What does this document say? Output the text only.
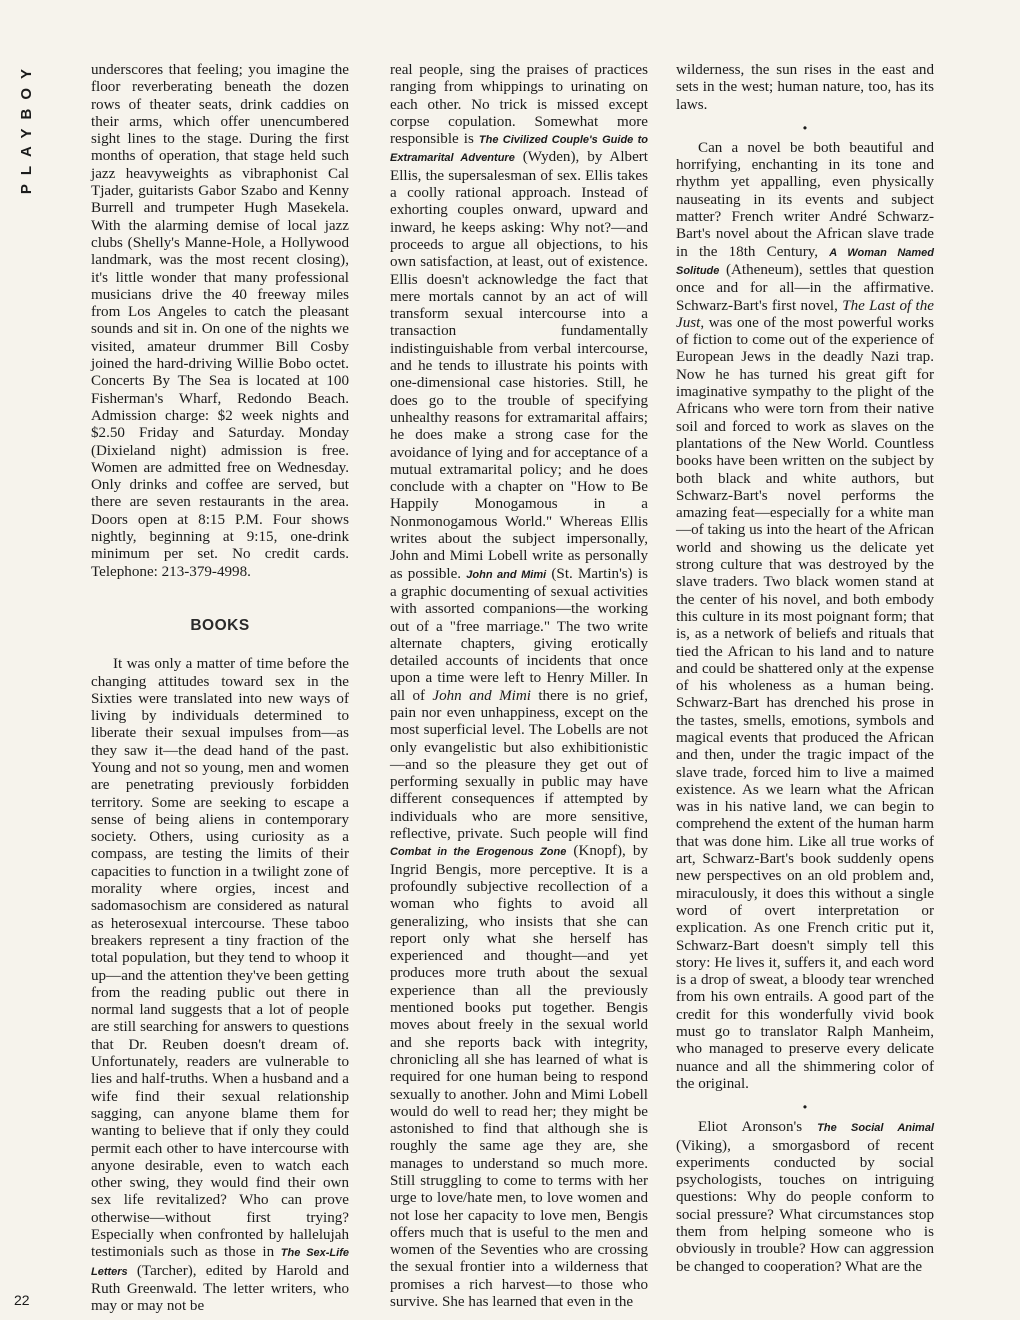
PLAYBOY
22

underscores that feeling; you imagine the floor reverberating beneath the dozen rows of theater seats, drink caddies on their arms, which offer unencumbered sight lines to the stage. During the first months of operation, that stage held such jazz heavyweights as vibraphonist Cal Tjader, guitarists Gabor Szabo and Kenny Burrell and trumpeter Hugh Masekela. With the alarming demise of local jazz clubs (Shelly's Manne-Hole, a Hollywood landmark, was the most recent closing), it's little wonder that many professional musicians drive the 40 freeway miles from Los Angeles to catch the pleasant sounds and sit in. On one of the nights we visited, amateur drummer Bill Cosby joined the hard-driving Willie Bobo octet. Concerts By The Sea is located at 100 Fisherman's Wharf, Redondo Beach. Admission charge: $2 week nights and $2.50 Friday and Saturday. Monday (Dixieland night) admission is free. Women are admitted free on Wednesday. Only drinks and coffee are served, but there are seven restaurants in the area. Doors open at 8:15 P.M. Four shows nightly, beginning at 9:15, one-drink minimum per set. No credit cards. Telephone: 213-379-4998.

BOOKS

It was only a matter of time before the changing attitudes toward sex in the Sixties were translated into new ways of living by individuals determined to liberate their sexual impulses from—as they saw it—the dead hand of the past. Young and not so young, men and women are penetrating previously forbidden territory. Some are seeking to escape a sense of being aliens in contemporary society. Others, using curiosity as a compass, are testing the limits of their capacities to function in a twilight zone of morality where orgies, incest and sadomasochism are considered as natural as heterosexual intercourse. These taboo breakers represent a tiny fraction of the total population, but they tend to whoop it up—and the attention they've been getting from the reading public out there in normal land suggests that a lot of people are still searching for answers to questions that Dr. Reuben doesn't dream of. Unfortunately, readers are vulnerable to lies and half-truths. When a husband and a wife find their sexual relationship sagging, can anyone blame them for wanting to believe that if only they could permit each other to have intercourse with anyone desirable, even to watch each other swing, they would find their own sex life revitalized? Who can prove otherwise—without first trying? Especially when confronted by hallelujah testimonials such as those in The Sex-Life Letters (Tarcher), edited by Harold and Ruth Greenwald. The letter writers, who may or may not be

real people, sing the praises of practices ranging from whippings to urinating on each other. No trick is missed except corpse copulation. Somewhat more responsible is The Civilized Couple's Guide to Extramarital Adventure (Wyden), by Albert Ellis, the supersalesman of sex. Ellis takes a coolly rational approach. Instead of exhorting couples onward, upward and inward, he keeps asking: Why not?—and proceeds to argue all objections, to his own satisfaction, at least, out of existence. Ellis doesn't acknowledge the fact that mere mortals cannot by an act of will transform sexual intercourse into a transaction fundamentally indistinguishable from verbal intercourse, and he tends to illustrate his points with one-dimensional case histories. Still, he does go to the trouble of specifying unhealthy reasons for extramarital affairs; he does make a strong case for the avoidance of lying and for acceptance of a mutual extramarital policy; and he does conclude with a chapter on "How to Be Happily Monogamous in a Nonmonogamous World." Whereas Ellis writes about the subject impersonally, John and Mimi Lobell write as personally as possible. John and Mimi (St. Martin's) is a graphic documenting of sexual activities with assorted companions—the working out of a "free marriage." The two write alternate chapters, giving erotically detailed accounts of incidents that once upon a time were left to Henry Miller. In all of John and Mimi there is no grief, pain nor even unhappiness, except on the most superficial level. The Lobells are not only evangelistic but also exhibitionistic—and so the pleasure they get out of performing sexually in public may have different consequences if attempted by individuals who are more sensitive, reflective, private. Such people will find Combat in the Erogenous Zone (Knopf), by Ingrid Bengis, more perceptive. It is a profoundly subjective recollection of a woman who fights to avoid all generalizing, who insists that she can report only what she herself has experienced and thought—and yet produces more truth about the sexual experience than all the previously mentioned books put together. Bengis moves about freely in the sexual world and she reports back with integrity, chronicling all she has learned of what is required for one human being to respond sexually to another. John and Mimi Lobell would do well to read her; they might be astonished to find that although she is roughly the same age they are, she manages to understand so much more. Still struggling to come to terms with her urge to love/hate men, to love women and not lose her capacity to love men, Bengis offers much that is useful to the men and women of the Seventies who are crossing the sexual frontier into a wilderness that promises a rich harvest—to those who survive. She has learned that even in the

wilderness, the sun rises in the east and sets in the west; human nature, too, has its laws.

•

Can a novel be both beautiful and horrifying, enchanting in its tone and rhythm yet appalling, even physically nauseating in its events and subject matter? French writer André Schwarz-Bart's novel about the African slave trade in the 18th Century, A Woman Named Solitude (Atheneum), settles that question once and for all—in the affirmative. Schwarz-Bart's first novel, The Last of the Just, was one of the most powerful works of fiction to come out of the experience of European Jews in the deadly Nazi trap. Now he has turned his great gift for imaginative sympathy to the plight of the Africans who were torn from their native soil and forced to work as slaves on the plantations of the New World. Countless books have been written on the subject by both black and white authors, but Schwarz-Bart's novel performs the amazing feat—especially for a white man—of taking us into the heart of the African world and showing us the delicate yet strong culture that was destroyed by the slave traders. Two black women stand at the center of his novel, and both embody this culture in its most poignant form; that is, as a network of beliefs and rituals that tied the African to his land and to nature and could be shattered only at the expense of his wholeness as a human being. Schwarz-Bart has drenched his prose in the tastes, smells, emotions, symbols and magical events that produced the African and then, under the tragic impact of the slave trade, forced him to live a maimed existence. As we learn what the African was in his native land, we can begin to comprehend the extent of the human harm that was done him. Like all true works of art, Schwarz-Bart's book suddenly opens new perspectives on an old problem and, miraculously, it does this without a single word of overt interpretation or explication. As one French critic put it, Schwarz-Bart doesn't simply tell this story: He lives it, suffers it, and each word is a drop of sweat, a bloody tear wrenched from his own entrails. A good part of the credit for this wonderfully vivid book must go to translator Ralph Manheim, who managed to preserve every delicate nuance and all the shimmering color of the original.

•

Eliot Aronson's The Social Animal (Viking), a smorgasbord of recent experiments conducted by social psychologists, touches on intriguing questions: Why do people conform to social pressure? What circumstances stop them from helping someone who is obviously in trouble? How can aggression be changed to cooperation? What are the
